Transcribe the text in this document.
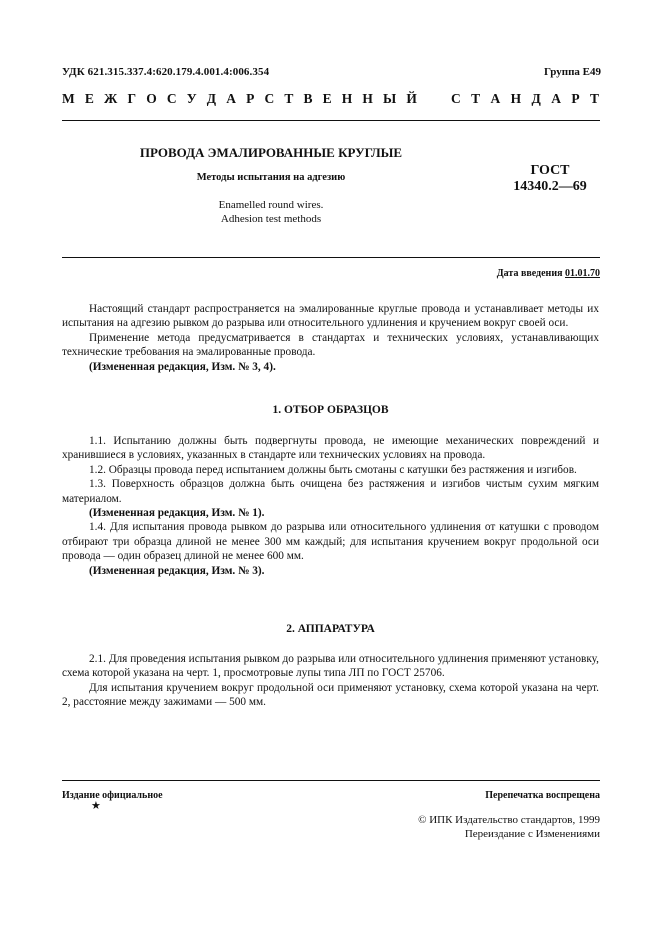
УДК 621.315.337.4:620.179.4.001.4:006.354	Группа Е49
М Е Ж Г О С У Д А Р С Т В Е Н Н Ы Й	С Т А Н Д А Р Т
ПРОВОДА ЭМАЛИРОВАННЫЕ КРУГЛЫЕ
Методы испытания на адгезию
Enamelled round wires.
Adhesion test methods
ГОСТ
14340.2—69
Дата введения 01.01.70

Настоящий стандарт распространяется на эмалированные круглые провода и устанавливает методы их испытания на адгезию рывком до разрыва или относительного удлинения и кручением вокруг своей оси.

Применение метода предусматривается в стандартах и технических условиях, устанавливающих технические требования на эмалированные провода.

(Измененная редакция, Изм. № 3, 4).

1. ОТБОР ОБРАЗЦОВ

1.1. Испытанию должны быть подвергнуты провода, не имеющие механических повреждений и хранившиеся в условиях, указанных в стандарте или технических условиях на провода.

1.2. Образцы провода перед испытанием должны быть смотаны с катушки без растяжения и изгибов.

1.3. Поверхность образцов должна быть очищена без растяжения и изгибов чистым сухим мягким материалом.

(Измененная редакция, Изм. № 1).

1.4. Для испытания провода рывком до разрыва или относительного удлинения от катушки с проводом отбирают три образца длиной не менее 300 мм каждый; для испытания кручением вокруг продольной оси провода — один образец длиной не менее 600 мм.

(Измененная редакция, Изм. № 3).

2. АППАРАТУРА

2.1. Для проведения испытания рывком до разрыва или относительного удлинения применяют установку, схема которой указана на черт. 1, просмотровые лупы типа ЛП по ГОСТ 25706.

Для испытания кручением вокруг продольной оси применяют установку, схема которой указана на черт. 2, расстояние между зажимами — 500 мм.

Издание официальное
★
Перепечатка воспрещена
© ИПК Издательство стандартов, 1999
Переиздание с Изменениями
